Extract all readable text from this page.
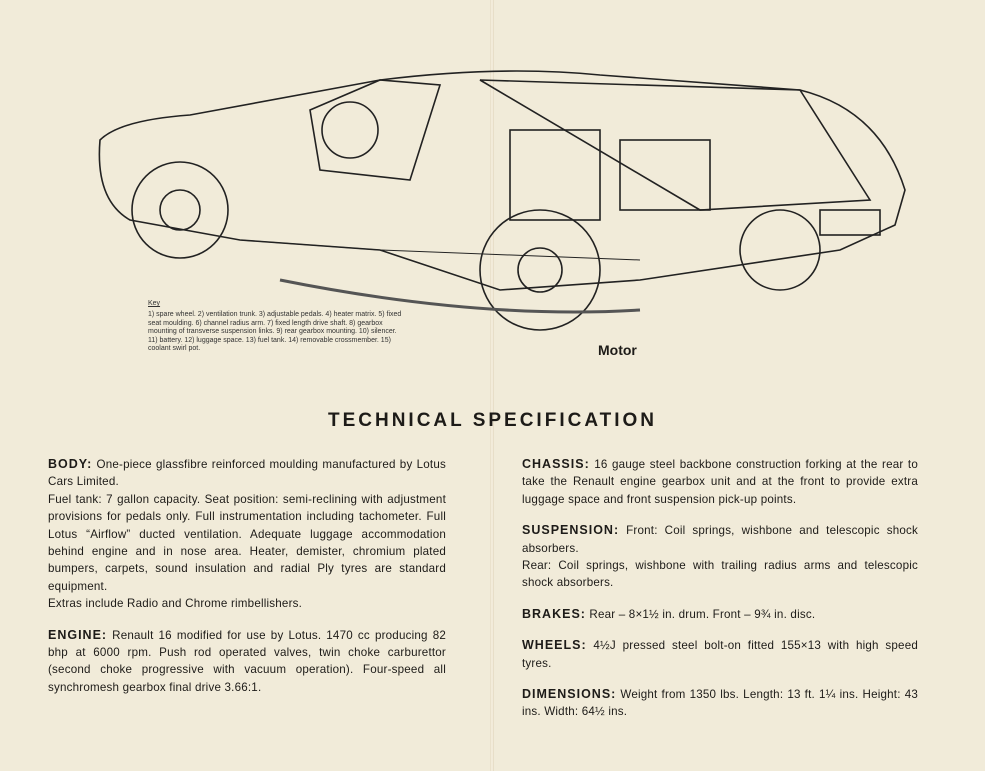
Key
1) spare wheel. 2) ventilation trunk. 3) adjustable pedals. 4) heater matrix. 5) fixed seat moulding. 6) channel radius arm. 7) fixed length drive shaft. 8) gearbox mounting of transverse suspension links. 9) rear gearbox mounting. 10) silencer. 11) battery. 12) luggage space. 13) fuel tank. 14) removable crossmember. 15) coolant swirl pot.	Motor
TECHNICAL SPECIFICATION

BODY: One-piece glassfibre reinforced moulding manufactured by Lotus Cars Limited.

Fuel tank: 7 gallon capacity. Seat position: semi-reclining with adjustment provisions for pedals only. Full instrumentation including tachometer. Full Lotus “Airflow” ducted ventilation. Adequate luggage accommodation behind engine and in nose area. Heater, demister, chromium plated bumpers, carpets, sound insulation and radial Ply tyres are standard equipment.

Extras include Radio and Chrome rimbellishers.

ENGINE: Renault 16 modified for use by Lotus. 1470 cc producing 82 bhp at 6000 rpm. Push rod operated valves, twin choke carburettor (second choke progressive with vacuum operation). Four-speed all synchromesh gearbox final drive 3.66:1.

CHASSIS: 16 gauge steel backbone construction forking at the rear to take the Renault engine gearbox unit and at the front to provide extra luggage space and front suspension pick-up points.

SUSPENSION: Front: Coil springs, wishbone and telescopic shock absorbers.

Rear: Coil springs, wishbone with trailing radius arms and telescopic shock absorbers.

BRAKES: Rear – 8×1½ in. drum. Front – 9¾ in. disc.

WHEELS: 4½J pressed steel bolt-on fitted 155×13 with high speed tyres.

DIMENSIONS: Weight from 1350 lbs. Length: 13 ft. 1¼ ins. Height: 43 ins. Width: 64½ ins.
